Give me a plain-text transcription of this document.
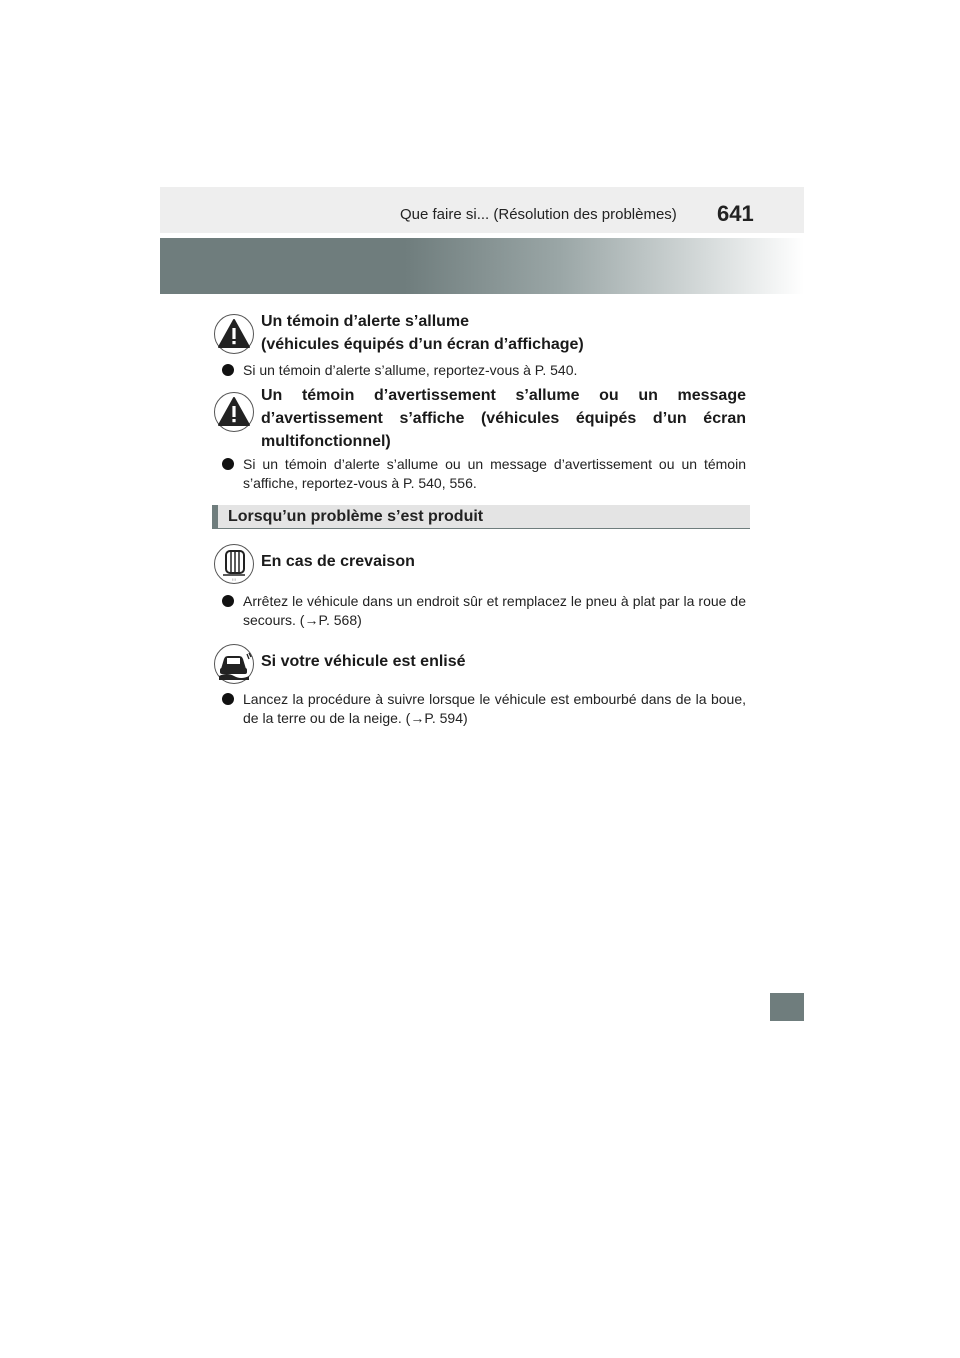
Que faire si... (Résolution des problèmes) 641
Un témoin d’alerte s’allume
(véhicules équipés d’un écran d’affichage)
Si un témoin d’alerte s’allume, reportez-vous à P. 540.
Un témoin d’avertissement s’allume ou un message d’avertissement s’affiche (véhicules équipés d’un écran multifonctionnel)
Si un témoin d’alerte s’allume ou un message d’avertissement ou un témoin s’affiche, reportez-vous à P. 540, 556.
Lorsqu’un problème s’est produit
! !
En cas de crevaison
Arrêtez le véhicule dans un endroit sûr et remplacez le pneu à plat par la roue de secours. (→P. 568)
Si votre véhicule est enlisé
Lancez la procédure à suivre lorsque le véhicule est embourbé dans de la boue, de la terre ou de la neige. (→P. 594)
